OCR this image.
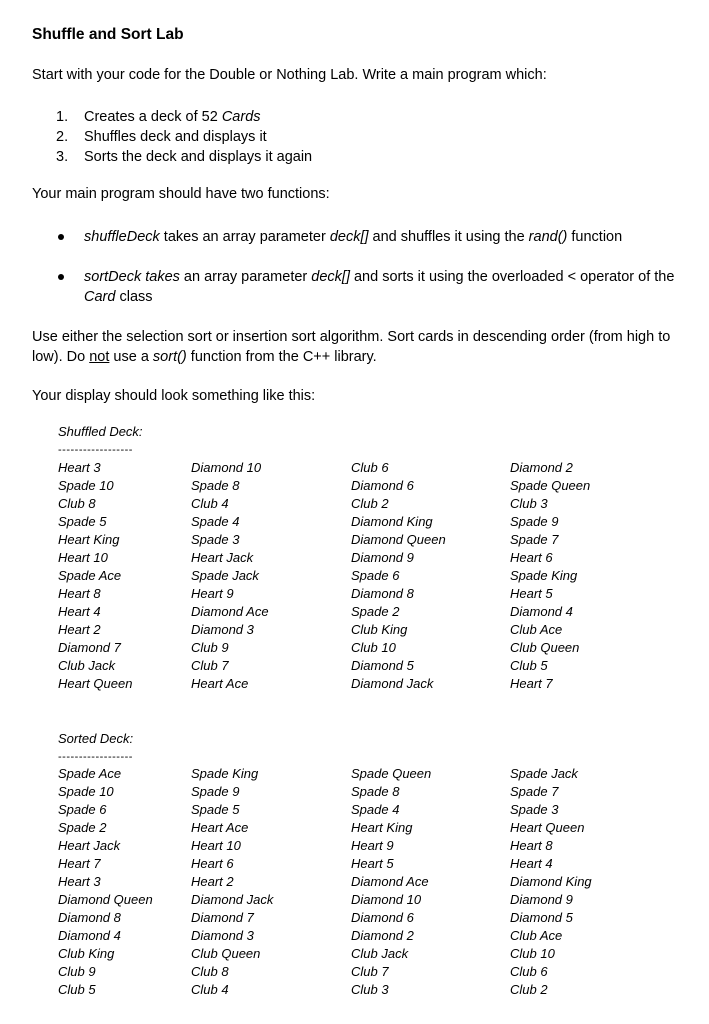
Shuffle and Sort Lab
Start with your code for the Double or Nothing Lab. Write a main program which:
1. Creates a deck of 52 Cards
2. Shuffles deck and displays it
3. Sorts the deck and displays it again
Your main program should have two functions:
shuffleDeck takes an array parameter deck[] and shuffles it using the rand() function
sortDeck takes an array parameter deck[] and sorts it using the overloaded < operator of the Card class
Use either the selection sort or insertion sort algorithm. Sort cards in descending order (from high to low). Do not use a sort() function from the C++ library.
Your display should look something like this:
Shuffled Deck:
------------------
Heart 3
Spade 10
Club 8
Spade 5
Heart King
Heart 10
Spade Ace
Heart 8
Heart 4
Heart 2
Diamond 7
Club Jack
Heart Queen
Diamond 10
Spade 8
Club 4
Spade 4
Spade 3
Heart Jack
Spade Jack
Heart 9
Diamond Ace
Diamond 3
Club 9
Club 7
Heart Ace
Club 6
Diamond 6
Club 2
Diamond King
Diamond Queen
Diamond 9
Spade 6
Diamond 8
Spade 2
Club King
Club 10
Diamond 5
Diamond Jack
Diamond 2
Spade Queen
Club 3
Spade 9
Spade 7
Heart 6
Spade King
Heart 5
Diamond 4
Club Ace
Club Queen
Club 5
Heart 7
Sorted Deck:
------------------
Spade Ace
Spade 10
Spade 6
Spade 2
Heart Jack
Heart 7
Heart 3
Diamond Queen
Diamond 8
Diamond 4
Club King
Club 9
Club 5
Spade King
Spade 9
Spade 5
Heart Ace
Heart 10
Heart 6
Heart 2
Diamond Jack
Diamond 7
Diamond 3
Club Queen
Club 8
Club 4
Spade Queen
Spade 8
Spade 4
Heart King
Heart 9
Heart 5
Diamond Ace
Diamond 10
Diamond 6
Diamond 2
Club Jack
Club 7
Club 3
Spade Jack
Spade 7
Spade 3
Heart Queen
Heart 8
Heart 4
Diamond King
Diamond 9
Diamond 5
Club Ace
Club 10
Club 6
Club 2
